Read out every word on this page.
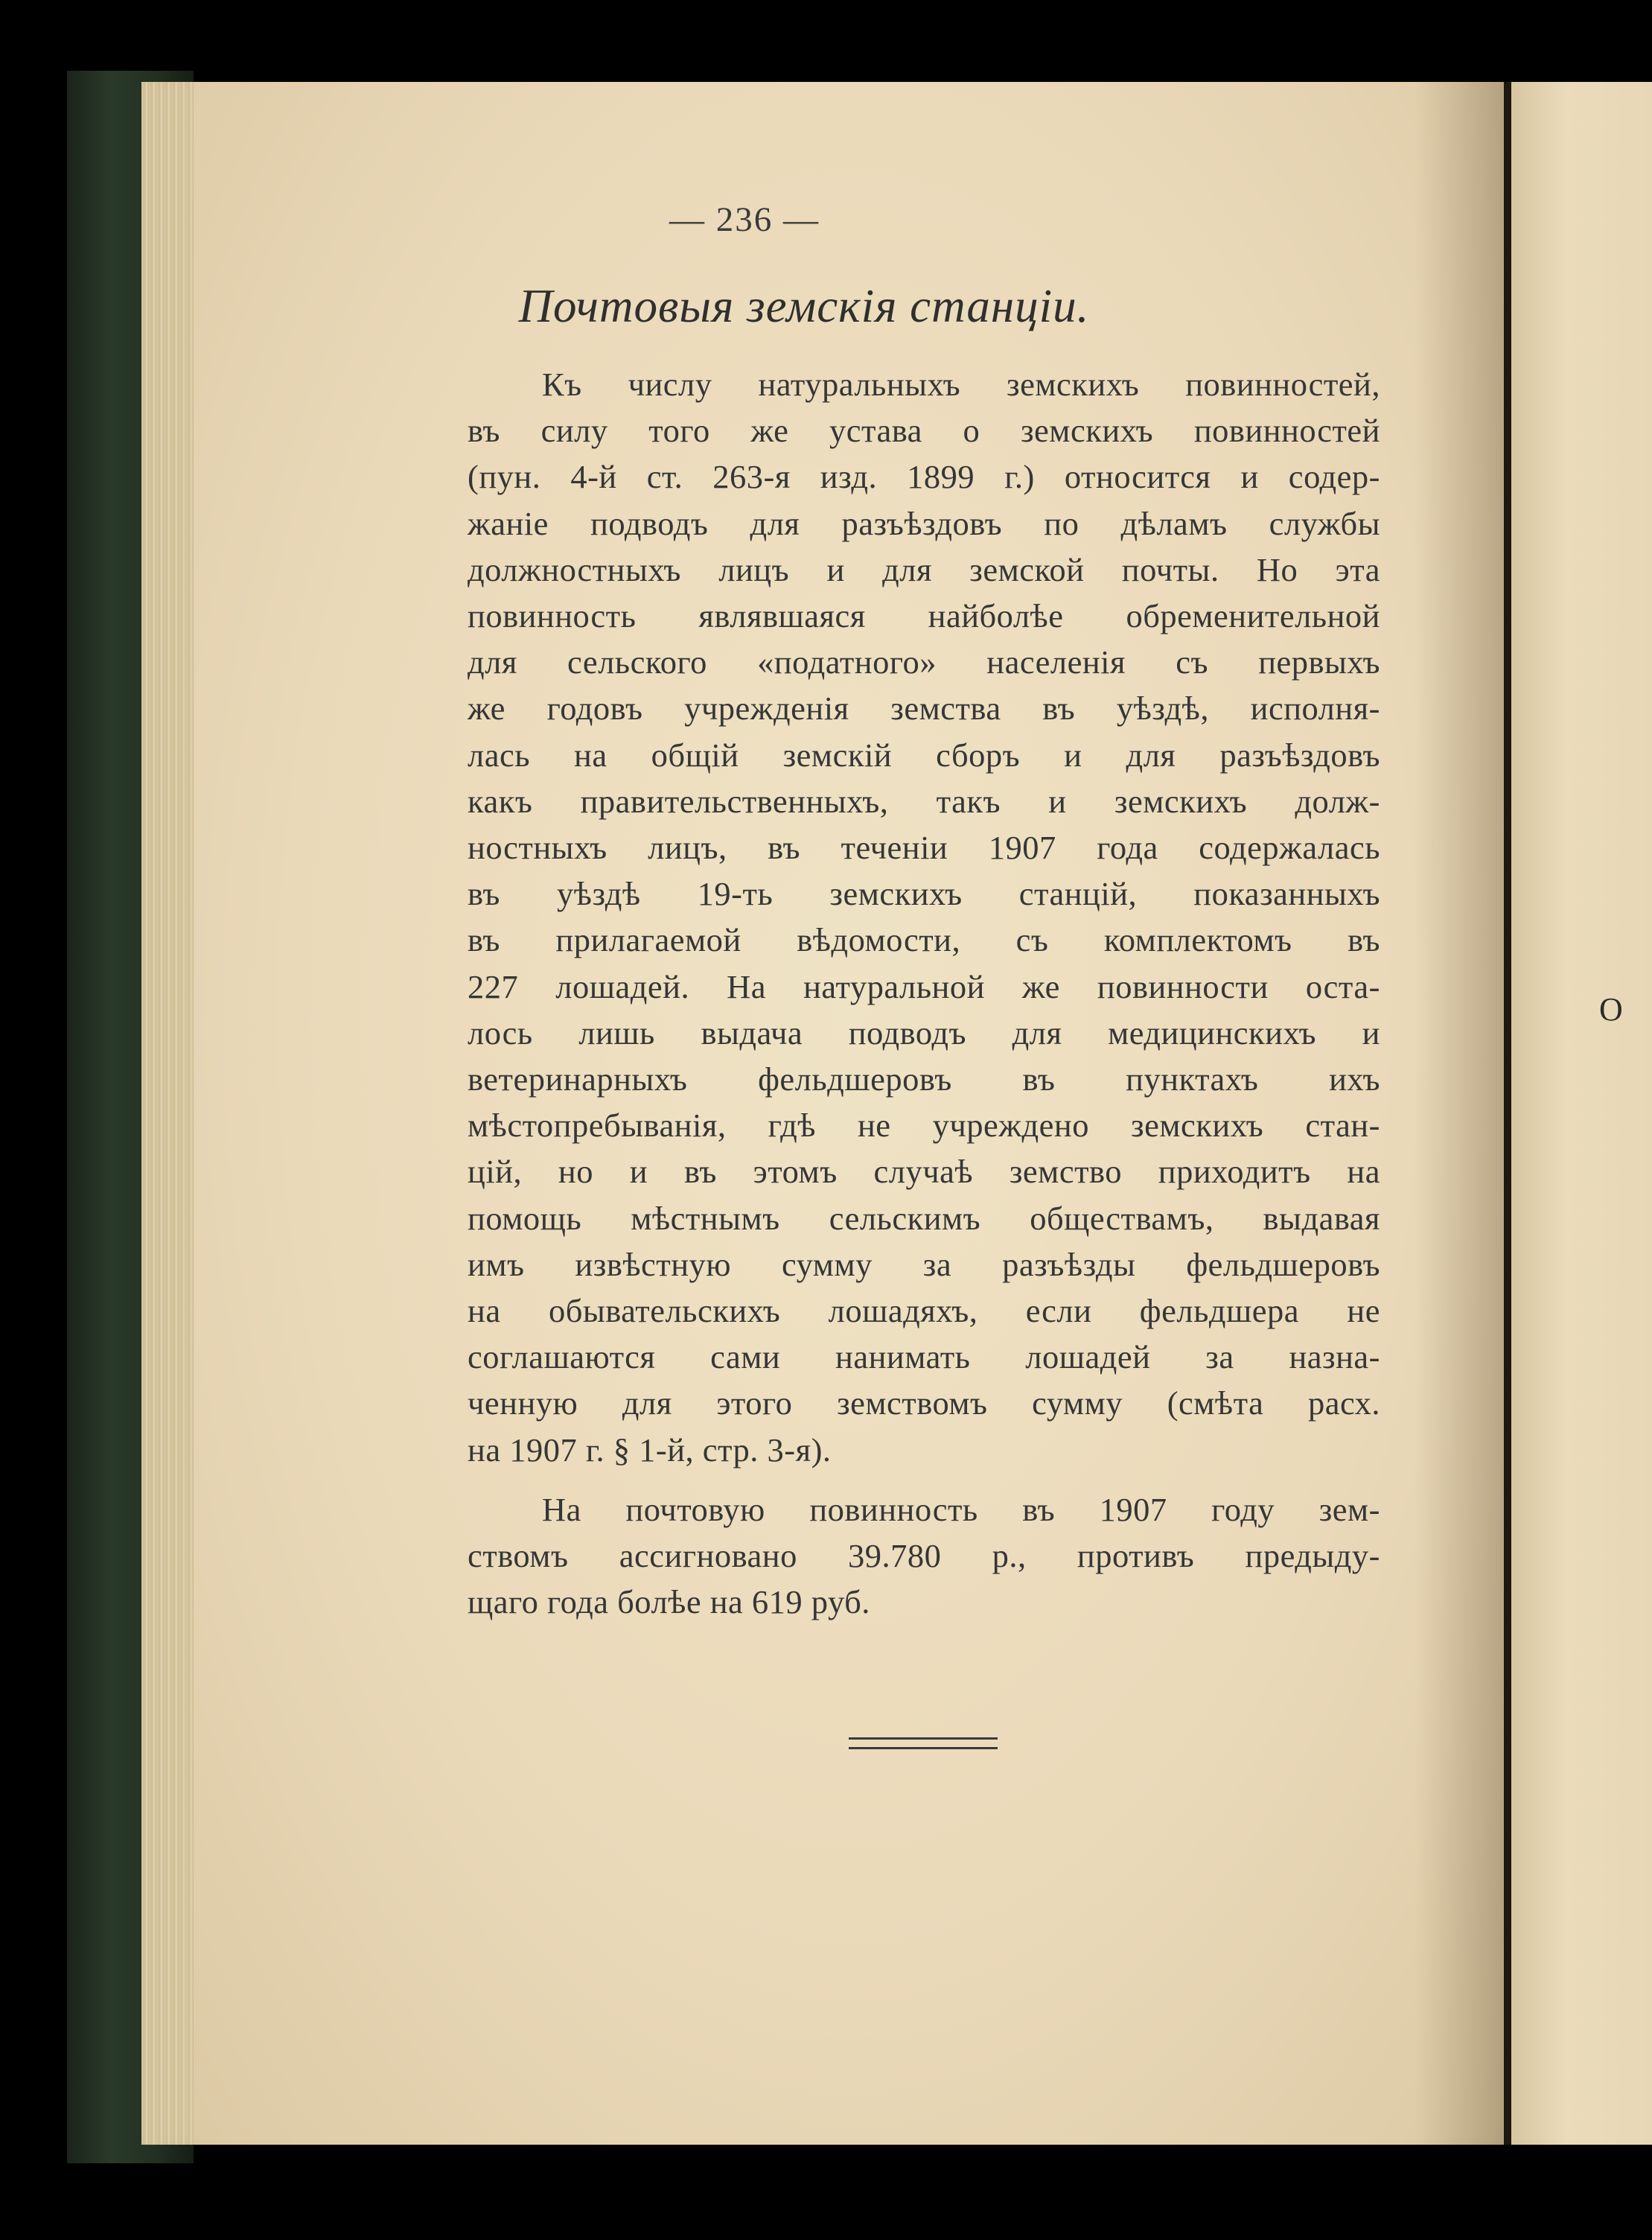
О
— 236 —
Почтовыя земскія станціи.

Къ числу натуральныхъ земскихъ повинностей,
въ силу того же устава о земскихъ повинностей
(пун. 4-й ст. 263-я изд. 1899 г.) относится и содер-
жаніе подводъ для разъѣздовъ по дѣламъ службы
должностныхъ лицъ и для земской почты. Но эта
повинность являвшаяся найболѣе обременительной
для сельского «податного» населенія съ первыхъ
же годовъ учрежденія земства въ уѣздѣ, исполня-
лась на общій земскій сборъ и для разъѣздовъ
какъ правительственныхъ, такъ и земскихъ долж-
ностныхъ лицъ, въ теченіи 1907 года содержалась
въ уѣздѣ 19-ть земскихъ станцій, показанныхъ
въ прилагаемой вѣдомости, съ комплектомъ въ
227 лошадей. На натуральной же повинности оста-
лось лишь выдача подводъ для медицинскихъ и
ветеринарныхъ фельдшеровъ въ пунктахъ ихъ
мѣстопребыванія, гдѣ не учреждено земскихъ стан-
цій, но и въ этомъ случаѣ земство приходитъ на
помощь мѣстнымъ сельскимъ обществамъ, выдавая
имъ извѣстную сумму за разъѣзды фельдшеровъ
на обывательскихъ лошадяхъ, если фельдшера не
соглашаются сами нанимать лошадей за назна-
ченную для этого земствомъ сумму (смѣта расх.
на 1907 г. § 1-й, стр. 3-я).

На почтовую повинность въ 1907 году зем-
ствомъ ассигновано 39.780 р., противъ предыду-
щаго года болѣе на 619 руб.
